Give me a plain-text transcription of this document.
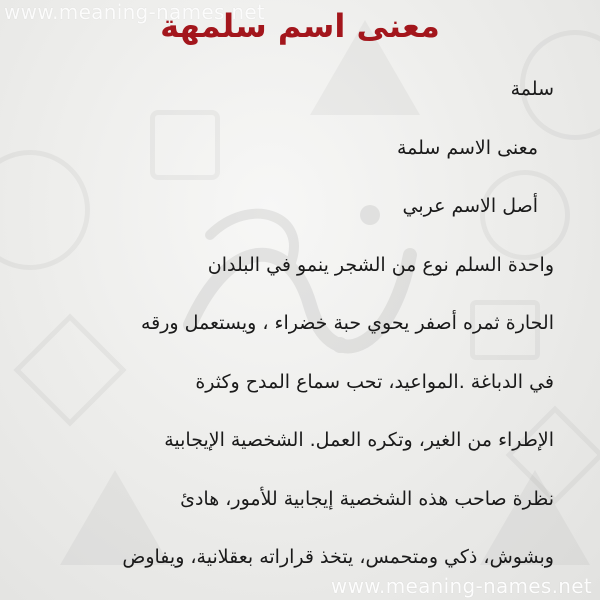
www.meaning-names.net
www.meaning-names.net
معنى اسم سلمهة
سلمة
معنى الاسم سلمة
أصل الاسم عربي
واحدة السلم نوع من الشجر ينمو في البلدان
الحارة ثمره أصفر يحوي حبة خضراء ، ويستعمل ورقه
في الدباغة .المواعيد، تحب سماع المدح وكثرة
الإطراء من الغير، وتكره العمل. الشخصية الإيجابية
نظرة صاحب هذه الشخصية إيجابية للأمور، هادئ
وبشوش، ذكي ومتحمس، يتخذ قراراته بعقلانية، ويفاوض
